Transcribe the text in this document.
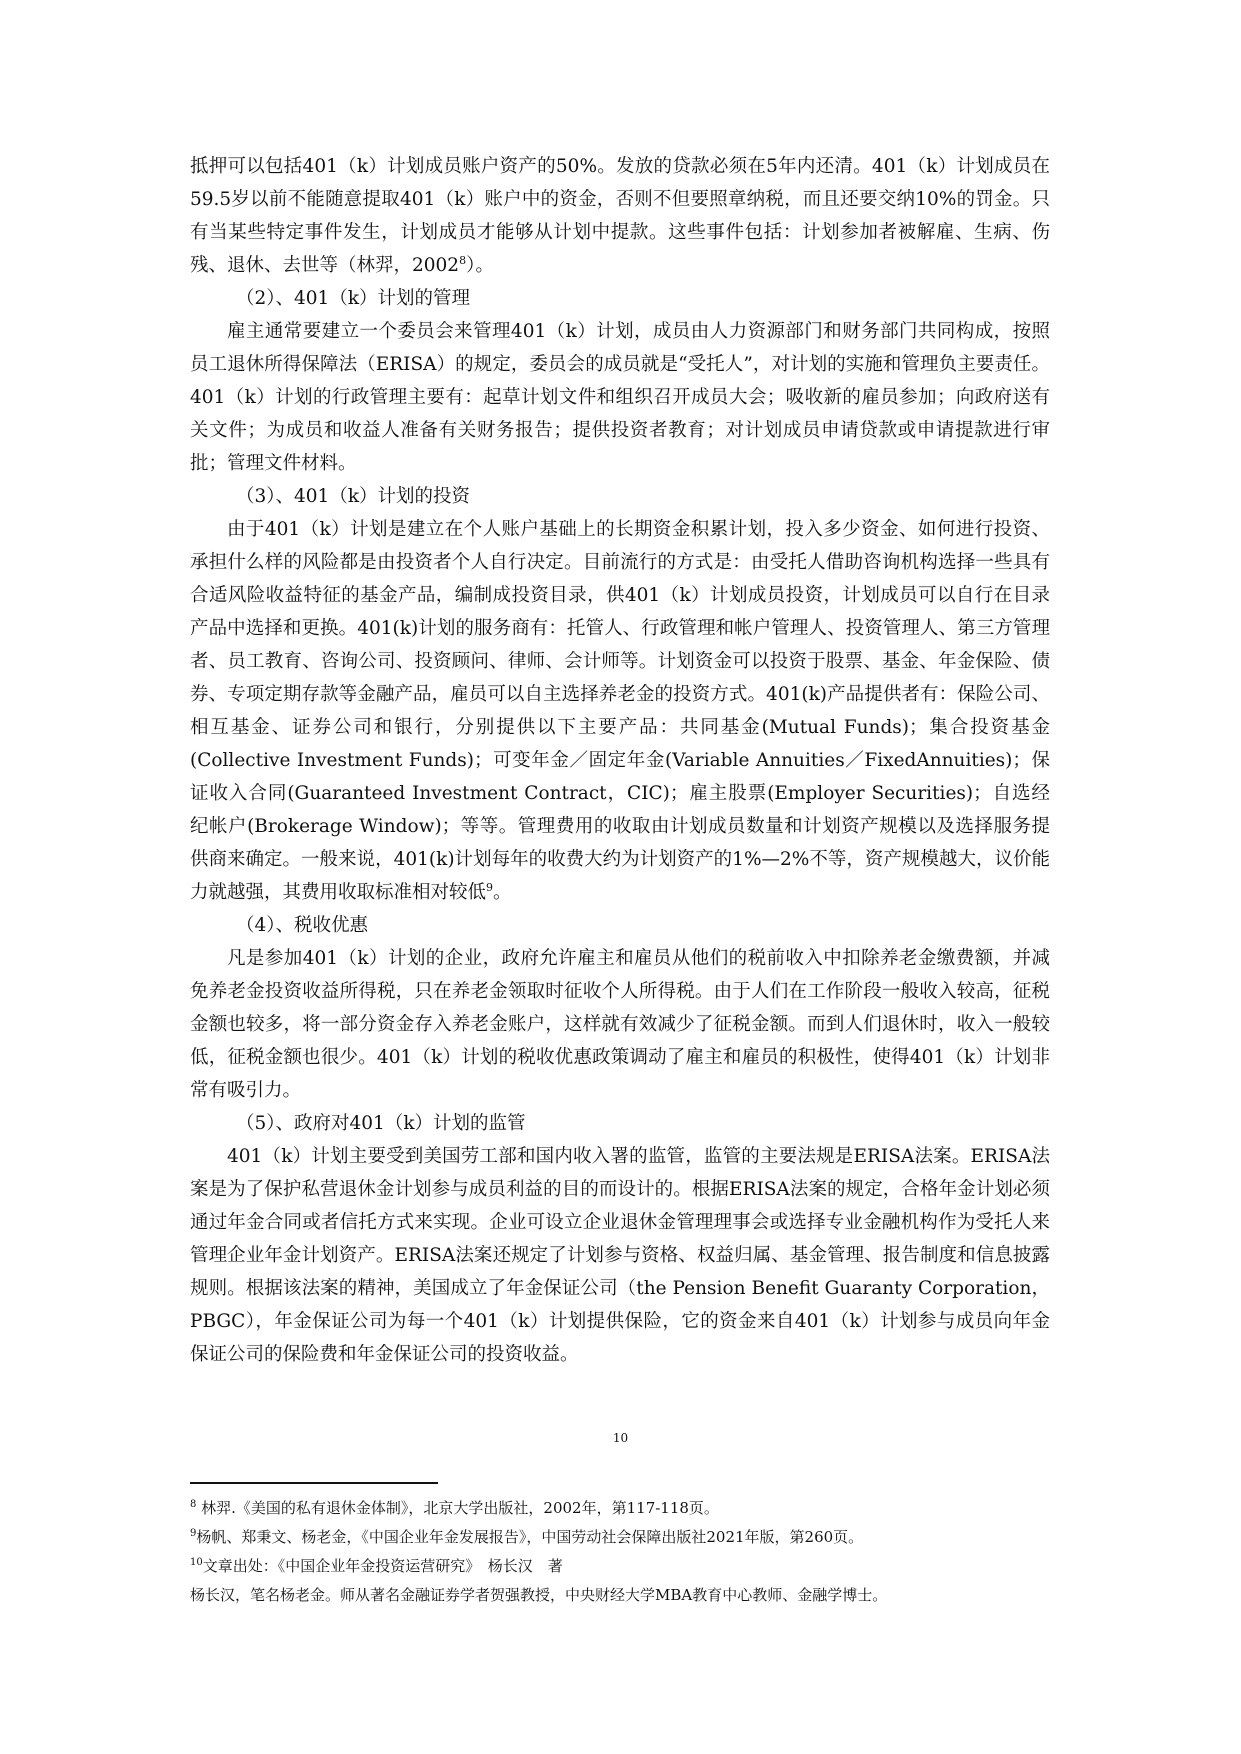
抵押可以包括401（k）计划成员账户资产的50%。发放的贷款必须在5年内还清。401（k）计划成员在59.5岁以前不能随意提取401（k）账户中的资金，否则不但要照章纳税，而且还要交纳10%的罚金。只有当某些特定事件发生，计划成员才能够从计划中提款。这些事件包括：计划参加者被解雇、生病、伤残、退休、去世等（林羿，2002$^8$）。

（2）、401（k）计划的管理

雇主通常要建立一个委员会来管理401（k）计划，成员由人力资源部门和财务部门共同构成，按照员工退休所得保障法（ERISA）的规定，委员会的成员就是“受托人”，对计划的实施和管理负主要责任。401（k）计划的行政管理主要有：起草计划文件和组织召开成员大会；吸收新的雇员参加；向政府送有关文件；为成员和收益人准备有关财务报告；提供投资者教育；对计划成员申请贷款或申请提款进行审批；管理文件材料。

（3）、401（k）计划的投资

由于401（k）计划是建立在个人账户基础上的长期资金积累计划，投入多少资金、如何进行投资、承担什么样的风险都是由投资者个人自行决定。目前流行的方式是：由受托人借助咨询机构选择一些具有合适风险收益特征的基金产品，编制成投资目录，供401（k）计划成员投资，计划成员可以自行在目录产品中选择和更换。401(k)计划的服务商有：托管人、行政管理和帐户管理人、投资管理人、第三方管理者、员工教育、咨询公司、投资顾问、律师、会计师等。计划资金可以投资于股票、基金、年金保险、债券、专项定期存款等金融产品，雇员可以自主选择养老金的投资方式。401(k)产品提供者有：保险公司、相互基金、证券公司和银行，分别提供以下主要产品：共同基金(Mutual Funds)；集合投资基金(Collective Investment Funds)；可变年金／固定年金(Variable Annuities／FixedAnnuities)；保证收入合同(Guaranteed Investment Contract，CIC)；雇主股票(Employer Securities)；自选经纪帐户(Brokerage Window)；等等。管理费用的收取由计划成员数量和计划资产规模以及选择服务提供商来确定。一般来说，401(k)计划每年的收费大约为计划资产的1%—2%不等，资产规模越大，议价能力就越强，其费用收取标准相对较低$^9$。

（4）、税收优惠

凡是参加401（k）计划的企业，政府允许雇主和雇员从他们的税前收入中扣除养老金缴费额，并减免养老金投资收益所得税，只在养老金领取时征收个人所得税。由于人们在工作阶段一般收入较高，征税金额也较多，将一部分资金存入养老金账户，这样就有效减少了征税金额。而到人们退休时，收入一般较低，征税金额也很少。401（k）计划的税收优惠政策调动了雇主和雇员的积极性，使得401（k）计划非常有吸引力。

（5）、政府对401（k）计划的监管

401（k）计划主要受到美国劳工部和国内收入署的监管，监管的主要法规是ERISA法案。ERISA法案是为了保护私营退休金计划参与成员利益的目的而设计的。根据ERISA法案的规定，合格年金计划必须通过年金合同或者信托方式来实现。企业可设立企业退休金管理理事会或选择专业金融机构作为受托人来管理企业年金计划资产。ERISA法案还规定了计划参与资格、权益归属、基金管理、报告制度和信息披露规则。根据该法案的精神，美国成立了年金保证公司（the Pension Benefit Guaranty Corporation，PBGC），年金保证公司为每一个401（k）计划提供保险，它的资金来自401（k）计划参与成员向年金保证公司的保险费和年金保证公司的投资收益。

10

$^8$ 林羿.《美国的私有退休金体制》，北京大学出版社，2002年，第117-118页。

$^9$杨帆、郑秉文、杨老金，《中国企业年金发展报告》，中国劳动社会保障出版社2021年版，第260页。

$^{10}$文章出处：《中国企业年金投资运营研究》　杨长汉　著

杨长汉，笔名杨老金。师从著名金融证券学者贺强教授，中央财经大学MBA教育中心教师、金融学博士。
